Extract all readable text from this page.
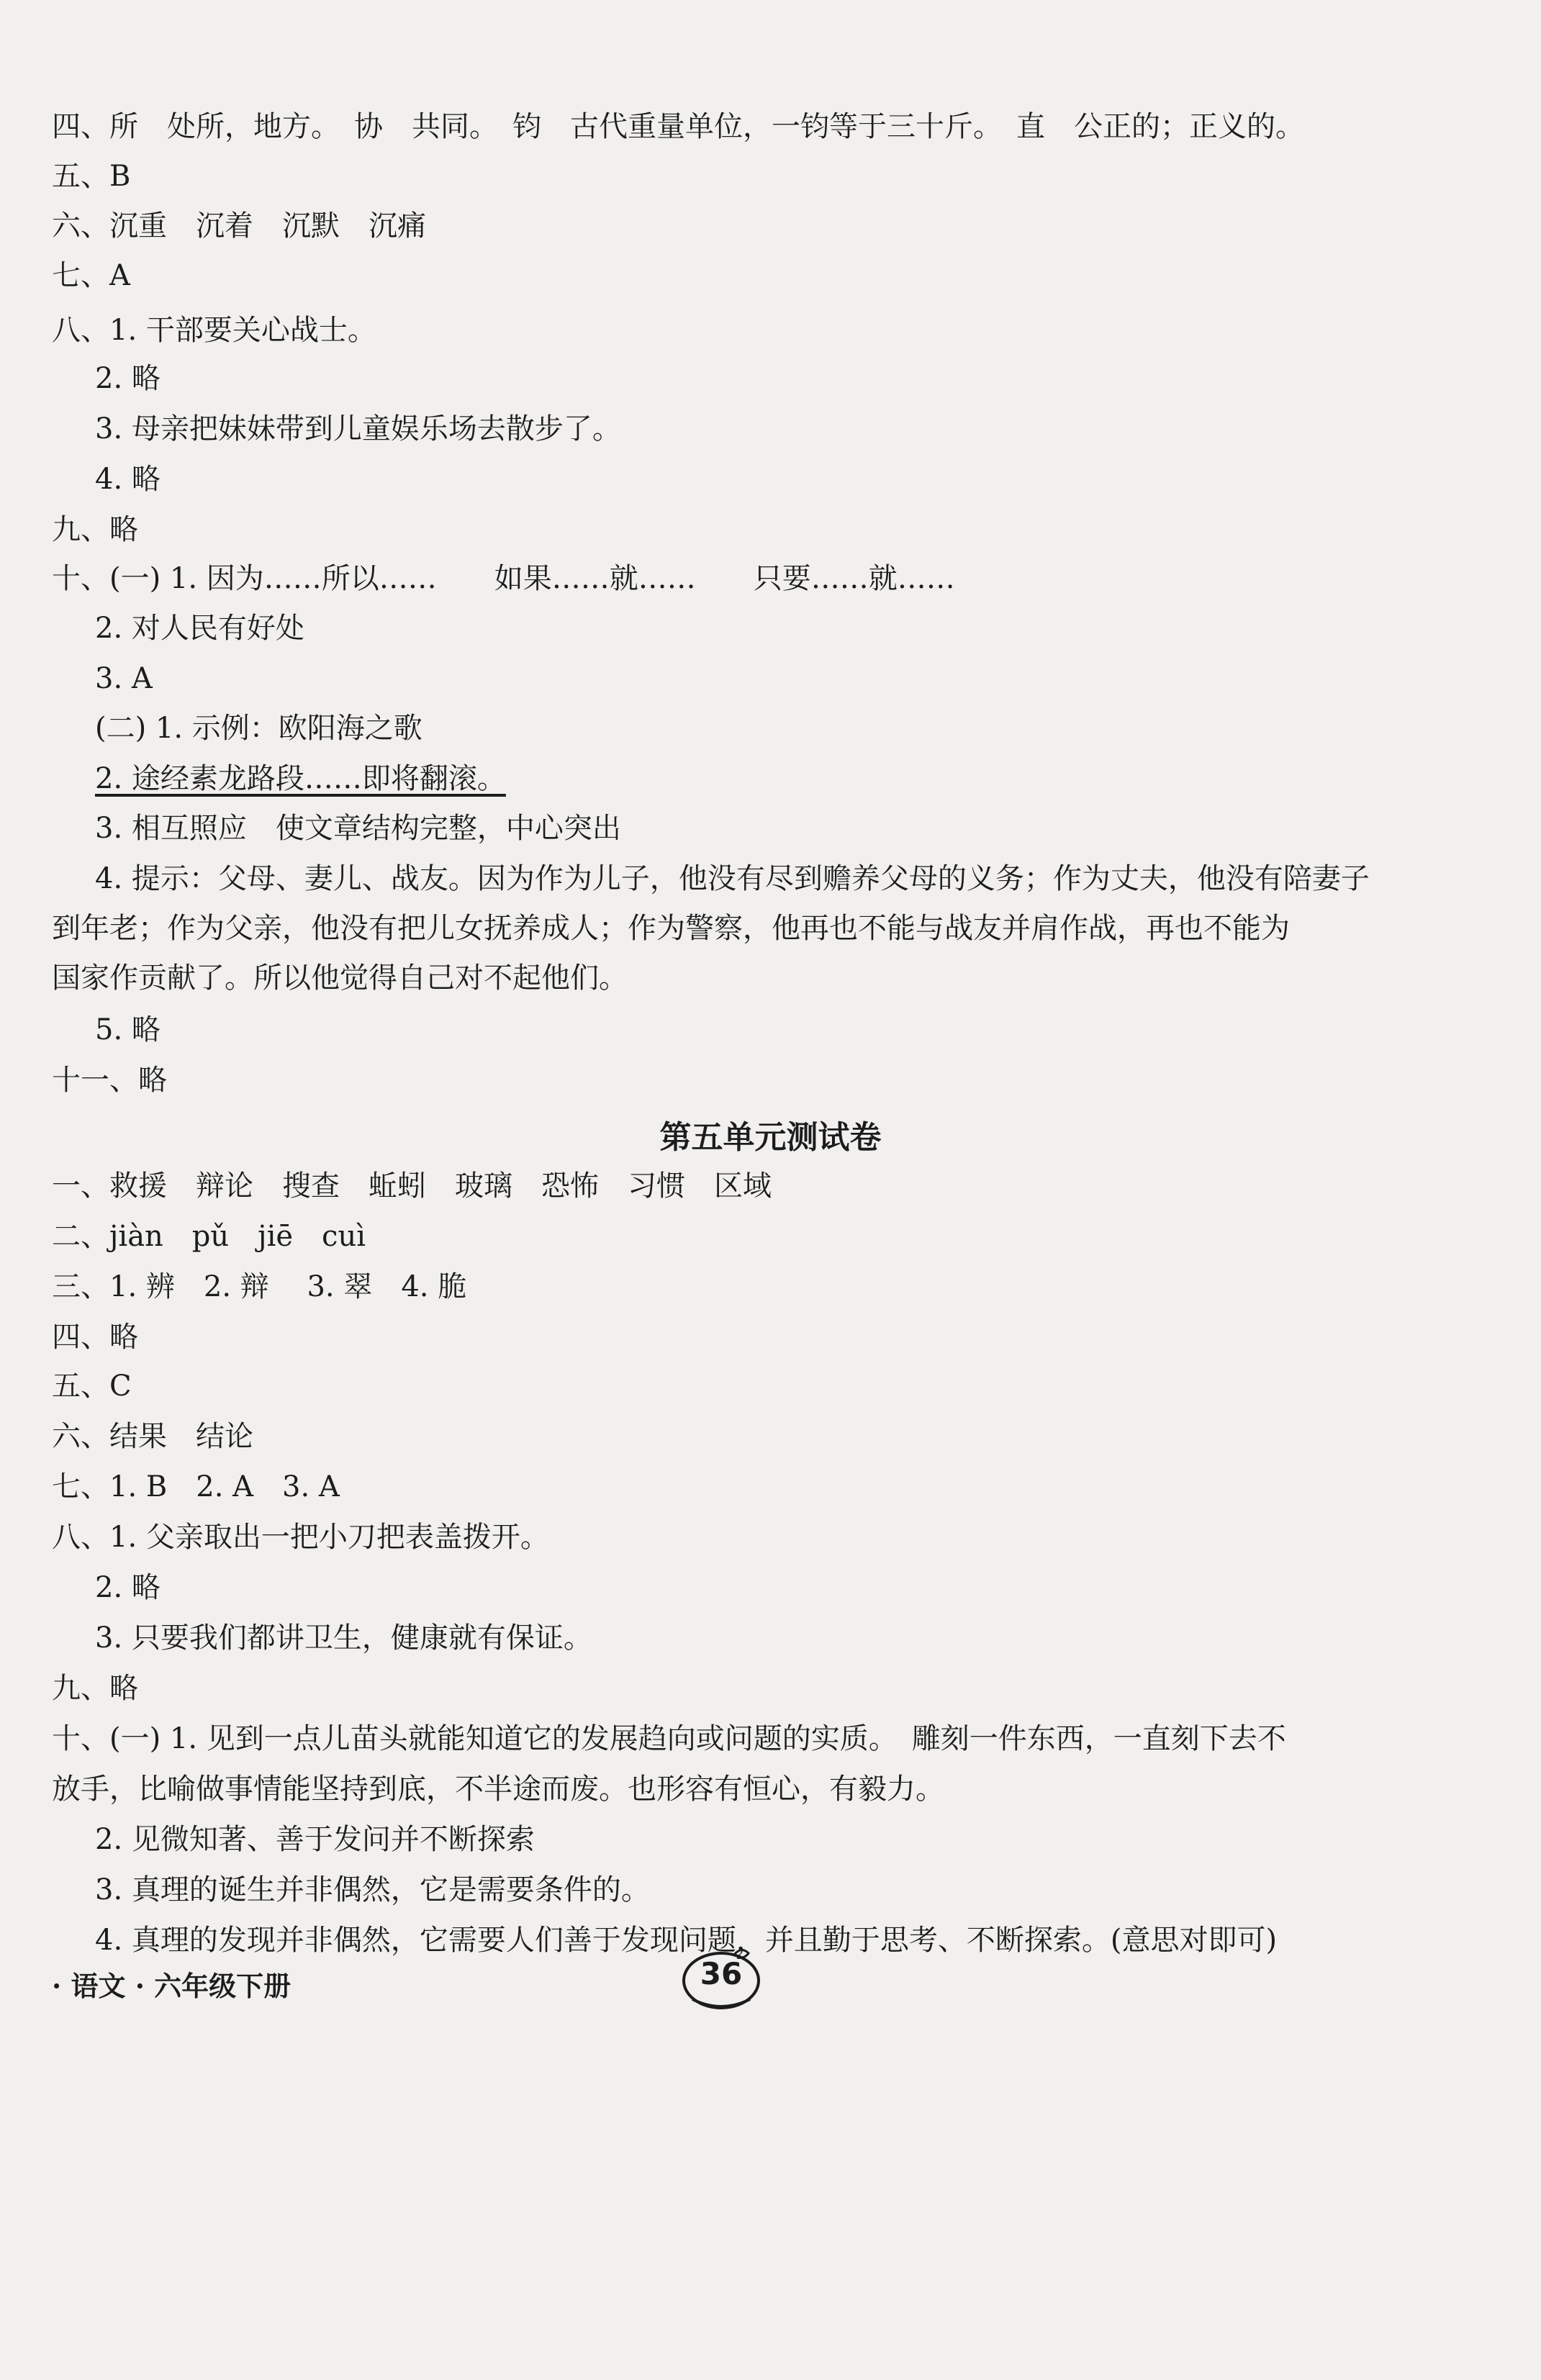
四、所　处所，地方。　协　共同。　钧　古代重量单位，一钧等于三十斤。　直　公正的；正义的。
五、B
六、沉重　沉着　沉默　沉痛
七、A
八、1. 干部要关心战士。
2. 略
3. 母亲把妹妹带到儿童娱乐场去散步了。
4. 略
九、略
十、(一) 1. 因为……所以……　　如果……就……　　只要……就……
2. 对人民有好处
3. A
(二) 1. 示例：欧阳海之歌
2. 途经素龙路段……即将翻滚。
3. 相互照应　使文章结构完整，中心突出
4. 提示：父母、妻儿、战友。因为作为儿子，他没有尽到赡养父母的义务；作为丈夫，他没有陪妻子
到年老；作为父亲，他没有把儿女抚养成人；作为警察，他再也不能与战友并肩作战，再也不能为
国家作贡献了。所以他觉得自己对不起他们。
5. 略
十一、略
第五单元测试卷
一、救援　辩论　搜查　蚯蚓　玻璃　恐怖　习惯　区域
二、jiàn　pǔ　jiē　cuì
三、1. 辨　2. 辩　 3. 翠　4. 脆
四、略
五、C
六、结果　结论
七、1. B　2. A　3. A
八、1. 父亲取出一把小刀把表盖拨开。
2. 略
3. 只要我们都讲卫生，健康就有保证。
九、略
十、(一) 1. 见到一点儿苗头就能知道它的发展趋向或问题的实质。　雕刻一件东西，一直刻下去不
放手，比喻做事情能坚持到底，不半途而废。也形容有恒心，有毅力。
2. 见微知著、善于发问并不断探索
3. 真理的诞生并非偶然，它是需要条件的。
4. 真理的发现并非偶然，它需要人们善于发现问题，并且勤于思考、不断探索。(意思对即可)
· 语文 · 六年级下册	36
